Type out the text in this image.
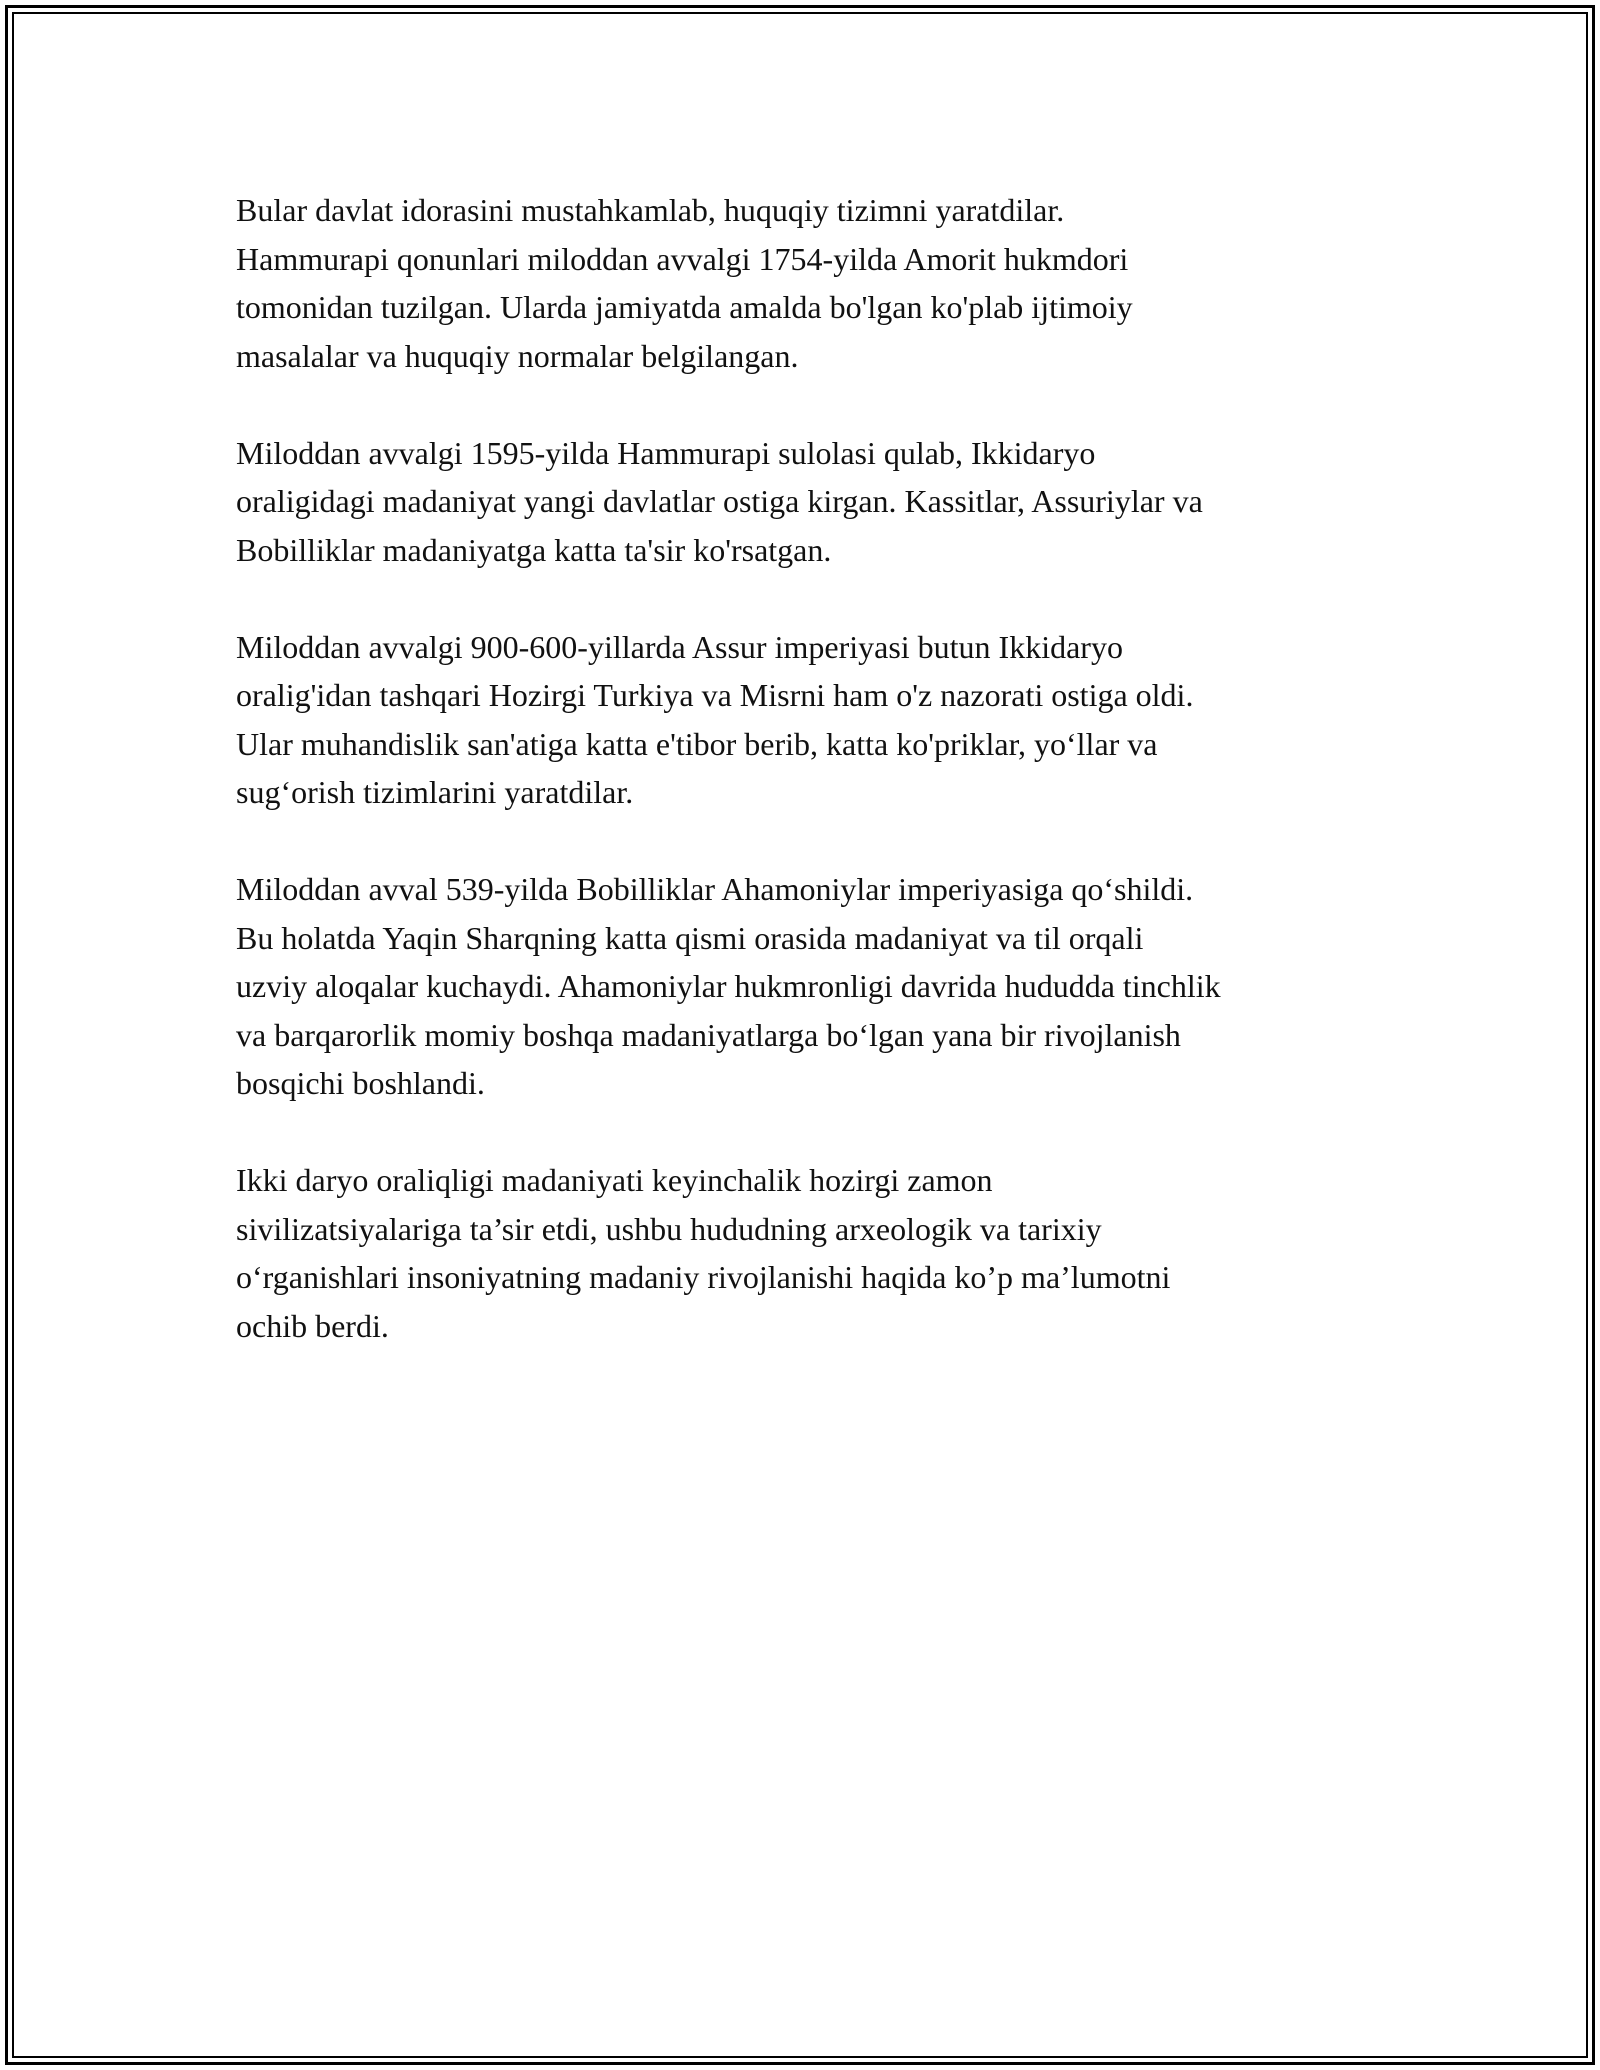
Bular davlat idorasini mustahkamlab, huquqiy tizimni yaratdilar.
Hammurapi qonunlari miloddan avvalgi 1754-yilda Amorit hukmdori
tomonidan tuzilgan. Ularda jamiyatda amalda bo'lgan ko'plab ijtimoiy
masalalar va huquqiy normalar belgilangan.

Miloddan avvalgi 1595-yilda Hammurapi sulolasi qulab, Ikkidaryo
oraligidagi madaniyat yangi davlatlar ostiga kirgan. Kassitlar, Assuriylar va
Bobilliklar madaniyatga katta ta'sir ko'rsatgan.

Miloddan avvalgi 900-600-yillarda Assur imperiyasi butun Ikkidaryo
oralig'idan tashqari Hozirgi Turkiya va Misrni ham o'z nazorati ostiga oldi.
Ular muhandislik san'atiga katta e'tibor berib, katta ko'priklar, yo‘llar va
sug‘orish tizimlarini yaratdilar.

Miloddan avval 539-yilda Bobilliklar Ahamoniylar imperiyasiga qo‘shildi.
Bu holatda Yaqin Sharqning katta qismi orasida madaniyat va til orqali
uzviy aloqalar kuchaydi. Ahamoniylar hukmronligi davrida hududda tinchlik
va barqarorlik momiy boshqa madaniyatlarga bo‘lgan yana bir rivojlanish
bosqichi boshlandi.

Ikki daryo oraliqligi madaniyati keyinchalik hozirgi zamon
sivilizatsiyalariga ta’sir etdi, ushbu hududning arxeologik va tarixiy
o‘rganishlari insoniyatning madaniy rivojlanishi haqida ko’p ma’lumotni
ochib berdi.
